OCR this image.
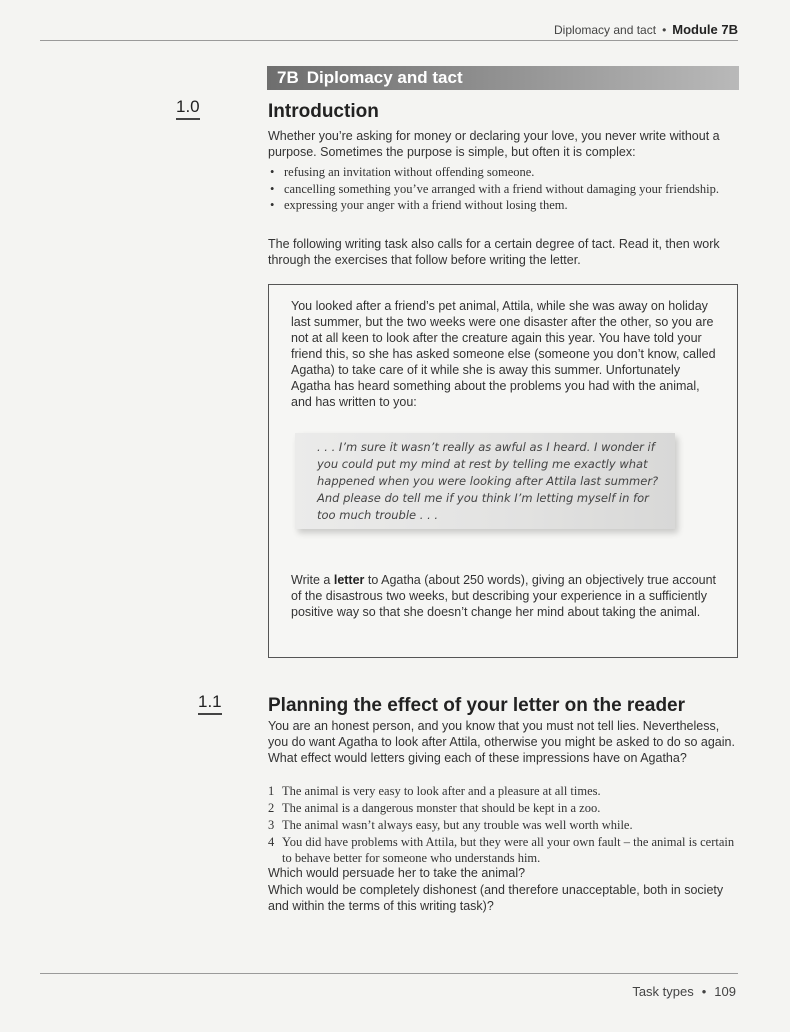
Diplomacy and tact • Module 7B
7B Diplomacy and tact
1.0	Introduction
Whether you’re asking for money or declaring your love, you never write without a purpose. Sometimes the purpose is simple, but often it is complex:
• refusing an invitation without offending someone.
• cancelling something you’ve arranged with a friend without damaging your friendship.
• expressing your anger with a friend without losing them.
The following writing task also calls for a certain degree of tact. Read it, then work through the exercises that follow before writing the letter.
You looked after a friend’s pet animal, Attila, while she was away on holiday last summer, but the two weeks were one disaster after the other, so you are not at all keen to look after the creature again this year. You have told your friend this, so she has asked someone else (someone you don’t know, called Agatha) to take care of it while she is away this summer. Unfortunately Agatha has heard something about the problems you had with the animal, and has written to you:
. . . I’m sure it wasn’t really as awful as I heard. I wonder if you could put my mind at rest by telling me exactly what happened when you were looking after Attila last summer? And please do tell me if you think I’m letting myself in for too much trouble . . .
Write a letter to Agatha (about 250 words), giving an objectively true account of the disastrous two weeks, but describing your experience in a sufficiently positive way so that she doesn’t change her mind about taking the animal.
1.1 Planning the effect of your letter on the reader
You are an honest person, and you know that you must not tell lies. Nevertheless, you do want Agatha to look after Attila, otherwise you might be asked to do so again. What effect would letters giving each of these impressions have on Agatha?
1 The animal is very easy to look after and a pleasure at all times.
2 The animal is a dangerous monster that should be kept in a zoo.
3 The animal wasn’t always easy, but any trouble was well worth while.
4 You did have problems with Attila, but they were all your own fault – the animal is certain to behave better for someone who understands him.
Which would persuade her to take the animal?
Which would be completely dishonest (and therefore unacceptable, both in society and within the terms of this writing task)?
Task types • 109
